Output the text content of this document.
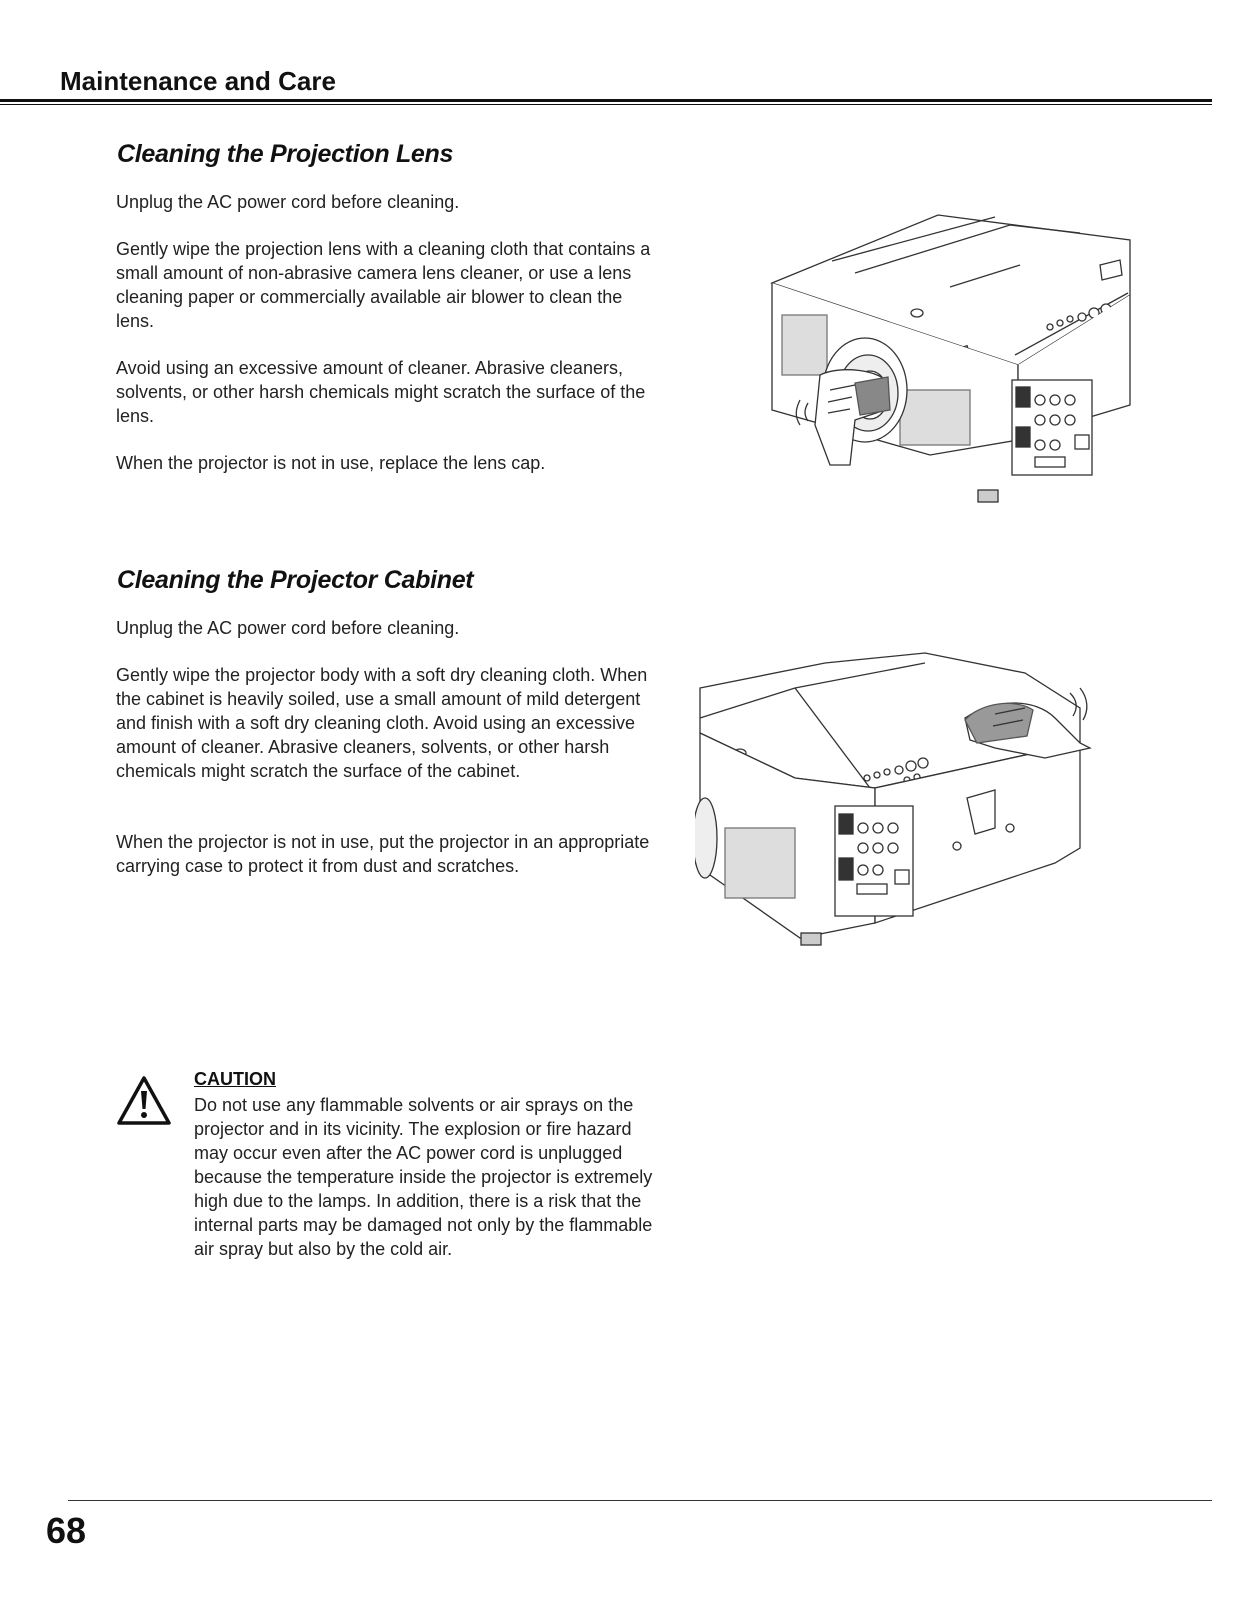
Maintenance and Care
Cleaning the Projection Lens

Unplug the AC power cord before cleaning.

Gently wipe the projection lens with a cleaning cloth that contains a small amount of non-abrasive camera lens cleaner, or use a lens cleaning paper or commercially available air blower to clean the lens.

Avoid using an excessive amount of cleaner. Abrasive cleaners, solvents, or other harsh chemicals might scratch the surface of the lens.

When the projector is not in use, replace the lens cap.

Cleaning the Projector Cabinet

Unplug the AC power cord before cleaning.

Gently wipe the projector body with a soft dry cleaning cloth. When the cabinet is heavily soiled, use a small amount of mild detergent and finish with a soft dry cleaning cloth. Avoid using an excessive amount of cleaner. Abrasive cleaners, solvents, or other harsh chemicals might scratch the surface of the cabinet.

When the projector is not in use, put the projector in an appropriate carrying case to protect it from dust and scratches.

CAUTION

Do not use any flammable solvents or air sprays on the projector and in its vicinity. The explosion or fire hazard may occur even after the AC power cord is unplugged because the temperature inside the projector is extremely high due to the lamps. In addition, there is a risk that the internal parts may be damaged not only by the flammable air spray but also by the cold air.

68
